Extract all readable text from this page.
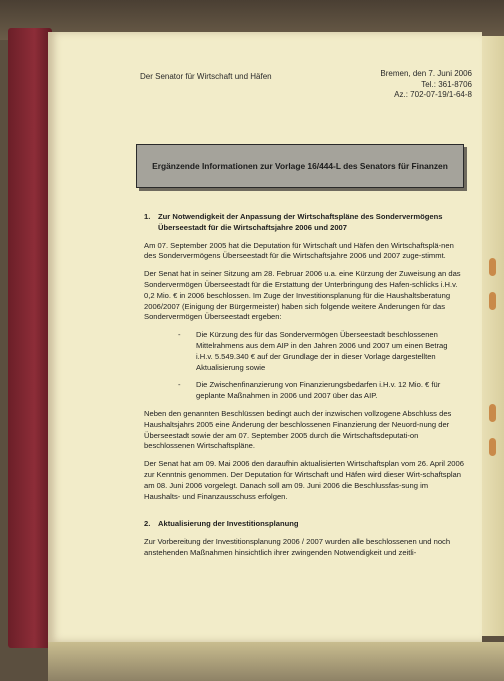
Der Senator für Wirtschaft und Häfen	Bremen, den 7. Juni 2006
Tel.: 361-8706
Az.: 702-07-19/1-64-8
Ergänzende Informationen zur Vorlage 16/444-L des Senators für Finanzen
1. Zur Notwendigkeit der Anpassung der Wirtschaftspläne des Sondervermögens
Überseestadt für die Wirtschaftsjahre 2006 und 2007

Am 07. September 2005 hat die Deputation für Wirtschaft und Häfen den Wirtschaftsplä-nen des Sondervermögens Überseestadt für die Wirtschaftsjahre 2006 und 2007 zuge-stimmt.

Der Senat hat in seiner Sitzung am 28. Februar 2006 u.a. eine Kürzung der Zuweisung an das Sondervermögen Überseestadt für die Erstattung der Unterbringung des Hafen-schlicks i.H.v. 0,2 Mio. € in 2006 beschlossen. Im Zuge der Investitionsplanung für die Haushaltsberatung 2006/2007 (Einigung der Bürgermeister) haben sich folgende weitere Änderungen für das Sondervermögen Überseestadt ergeben:

-	Die Kürzung des für das Sondervermögen Überseestadt beschlossenen Mittelrahmens aus dem AIP in den Jahren 2006 und 2007 um einen Betrag i.H.v. 5.549.340 € auf der Grundlage der in dieser Vorlage dargestellten Aktualisierung sowie
-	Die Zwischenfinanzierung von Finanzierungsbedarfen i.H.v. 12 Mio. € für geplante Maßnahmen in 2006 und 2007 über das AIP.

Neben den genannten Beschlüssen bedingt auch der inzwischen vollzogene Abschluss des Haushaltsjahrs 2005 eine Änderung der beschlossenen Finanzierung der Neuord-nung der Überseestadt sowie der am 07. September 2005 durch die Wirtschaftsdeputati-on beschlossenen Wirtschaftspläne.

Der Senat hat am 09. Mai 2006 den daraufhin aktualisierten Wirtschaftsplan vom 26. April 2006 zur Kenntnis genommen. Der Deputation für Wirtschaft und Häfen wird dieser Wirt-schaftsplan am 08. Juni 2006 vorgelegt. Danach soll am 09. Juni 2006 die Beschlussfas-sung im Haushalts- und Finanzausschuss erfolgen.

2. Aktualisierung der Investitionsplanung

Zur Vorbereitung der Investitionsplanung 2006 / 2007 wurden alle beschlossenen und noch anstehenden Maßnahmen hinsichtlich ihrer zwingenden Notwendigkeit und zeitli-
